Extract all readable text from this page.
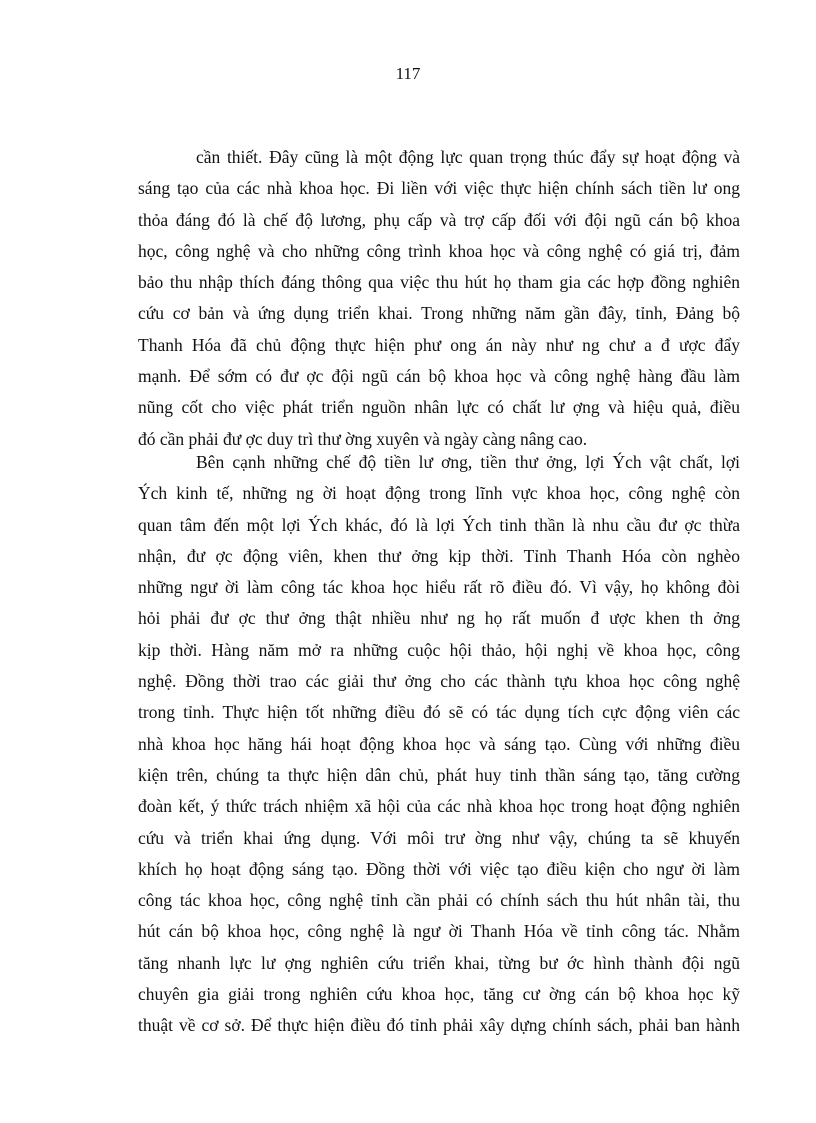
117
cần thiết. Đây cũng là một động lực quan trọng thúc đẩy sự hoạt động và
sáng tạo của các nhà khoa học. Đi liền với việc thực hiện chính sách tiền lư ong
thỏa đáng đó là chế độ lương, phụ cấp và trợ cấp đối với đội ngũ cán bộ khoa
học, công nghệ và cho những công trình khoa học và công nghệ có giá trị, đảm
bảo thu nhập thích đáng thông qua việc thu hút họ tham gia các hợp đồng nghiên
cứu cơ bản và ứng dụng triển khai. Trong những năm gần đây, tỉnh, Đảng bộ
Thanh Hóa đã chủ động thực hiện phư ong án này như ng chư a đ ược đẩy
mạnh. Để sớm có đư ợc đội ngũ cán bộ khoa học và công nghệ hàng đầu làm
nũng cốt cho việc phát triển nguồn nhân lực có chất lư ợng và hiệu quả, điều
đó cần phải đư ợc duy trì thư ờng xuyên và ngày càng nâng cao.
Bên cạnh những chế độ tiền lư ơng, tiền thư ởng, lợi Ých vật chất, lợi
Ých kinh tế, những ng ời hoạt động trong lĩnh vực khoa học, công nghệ còn
quan tâm đến một lợi Ých khác, đó là lợi Ých tinh thần là nhu cầu đư ợc thừa
nhận, đư ợc động viên, khen thư ởng kịp thời. Tỉnh Thanh Hóa còn nghèo
những ngư ời làm công tác khoa học hiểu rất rõ điều đó. Vì vậy, họ không đòi
hỏi phải đư ợc thư ởng thật nhiều như ng họ rất muốn đ ược khen th ởng
kịp thời. Hàng năm mở ra những cuộc hội thảo, hội nghị về khoa học, công
nghệ. Đồng thời trao các giải thư ởng cho các thành tựu khoa học công nghệ
trong tỉnh. Thực hiện tốt những điều đó sẽ có tác dụng tích cực động viên các
nhà khoa học hăng hái hoạt động khoa học và sáng tạo. Cùng với những điều
kiện trên, chúng ta thực hiện dân chủ, phát huy tinh thần sáng tạo, tăng cường
đoàn kết, ý thức trách nhiệm xã hội của các nhà khoa học trong hoạt động nghiên
cứu và triển khai ứng dụng. Với môi trư ờng như vậy, chúng ta sẽ khuyến
khích họ hoạt động sáng tạo. Đồng thời với việc tạo điều kiện cho ngư ời làm
công tác khoa học, công nghệ tỉnh cần phải có chính sách thu hút nhân tài, thu
hút cán bộ khoa học, công nghệ là ngư ời Thanh Hóa về tỉnh công tác. Nhằm
tăng nhanh lực lư ợng nghiên cứu triển khai, từng bư ớc hình thành đội ngũ
chuyên gia giải trong nghiên cứu khoa học, tăng cư ờng cán bộ khoa học kỹ
thuật về cơ sở. Để thực hiện điều đó tỉnh phải xây dựng chính sách, phải ban hành
